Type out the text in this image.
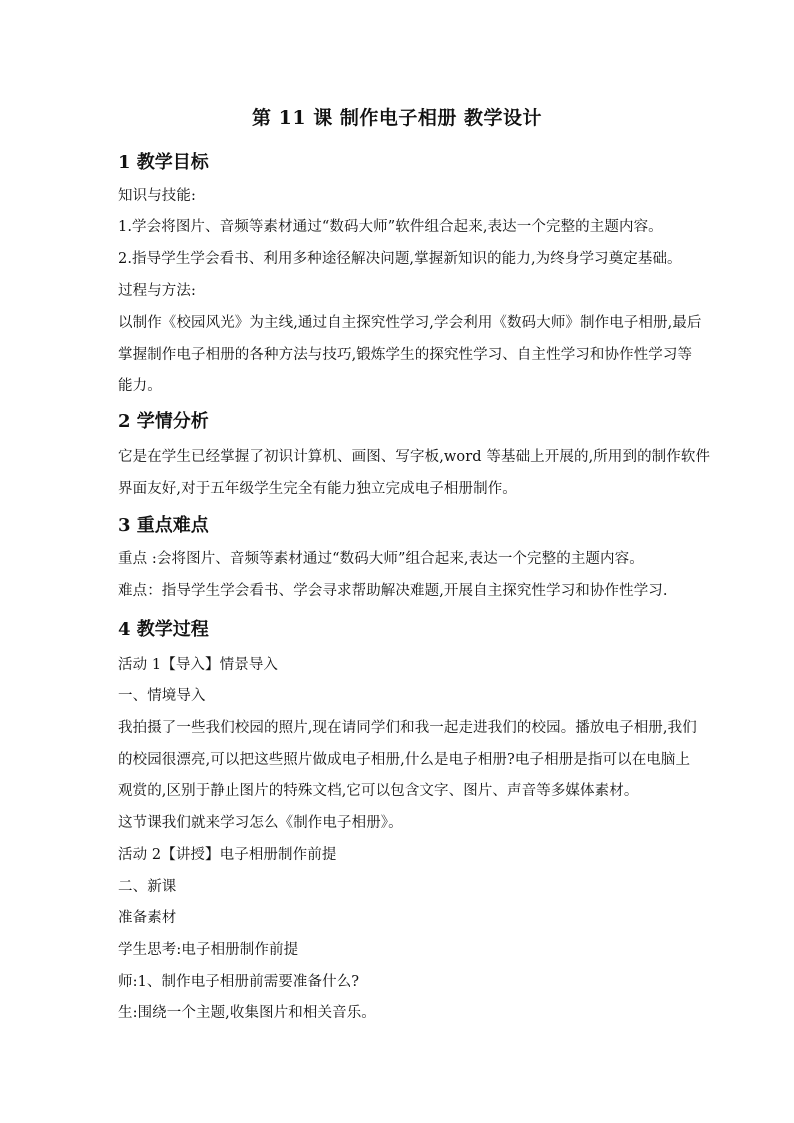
第 11 课 制作电子相册 教学设计
1 教学目标
知识与技能:
1.学会将图片、音频等素材通过“数码大师”软件组合起来,表达一个完整的主题内容。
2.指导学生学会看书、利用多种途径解决问题,掌握新知识的能力,为终身学习奠定基础。
过程与方法:
以制作《校园风光》为主线,通过自主探究性学习,学会利用《数码大师》制作电子相册,最后
掌握制作电子相册的各种方法与技巧,锻炼学生的探究性学习、自主性学习和协作性学习等
能力。
2 学情分析
它是在学生已经掌握了初识计算机、画图、写字板,word 等基础上开展的,所用到的制作软件
界面友好,对于五年级学生完全有能力独立完成电子相册制作。
3 重点难点
重点 :会将图片、音频等素材通过“数码大师”组合起来,表达一个完整的主题内容。
难点：指导学生学会看书、学会寻求帮助解决难题,开展自主探究性学习和协作性学习.
4 教学过程
活动 1【导入】情景导入
一、情境导入
我拍摄了一些我们校园的照片,现在请同学们和我一起走进我们的校园。播放电子相册,我们
的校园很漂亮,可以把这些照片做成电子相册,什么是电子相册?电子相册是指可以在电脑上
观赏的,区别于静止图片的特殊文档,它可以包含文字、图片、声音等多媒体素材。
这节课我们就来学习怎么《制作电子相册》。
活动 2【讲授】电子相册制作前提
二、新课
准备素材
学生思考:电子相册制作前提
师:1、制作电子相册前需要准备什么?
生:围绕一个主题,收集图片和相关音乐。
